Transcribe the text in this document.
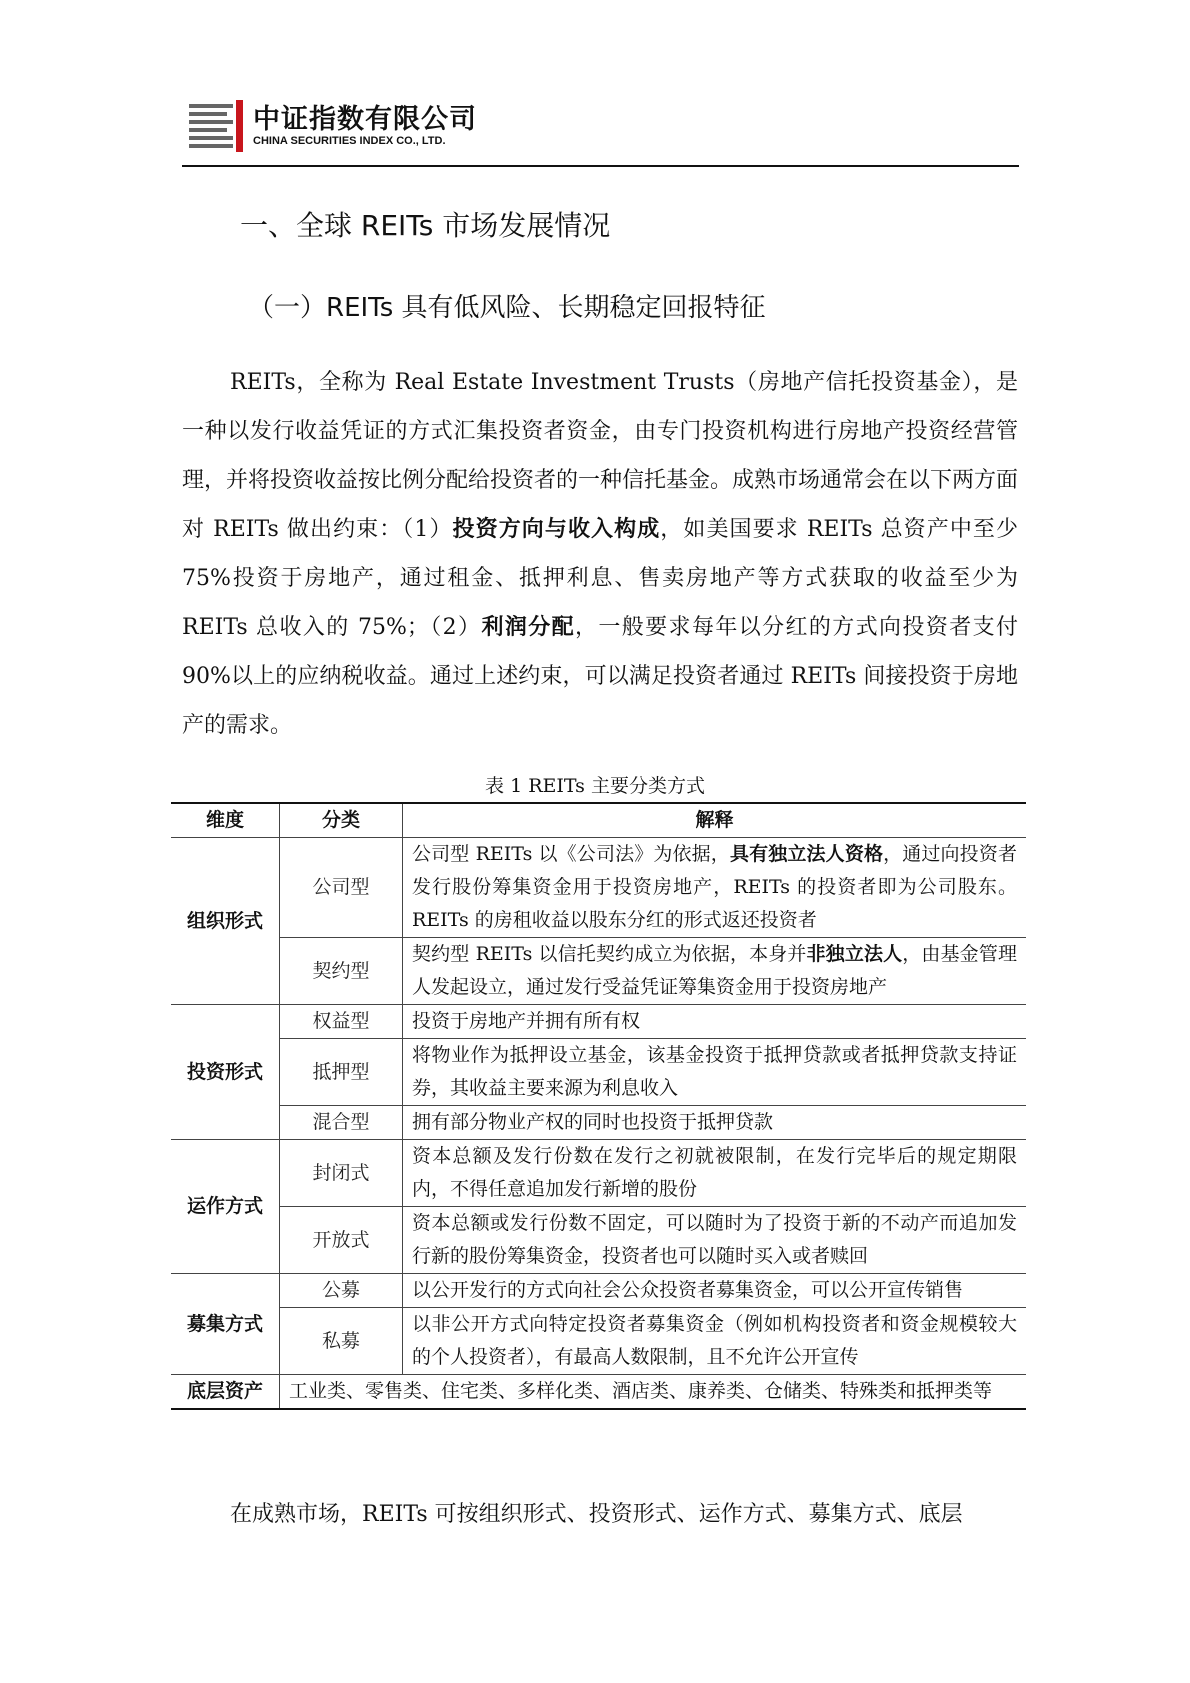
中证指数有限公司
CHINA SECURITIES INDEX CO., LTD.
一、全球 REITs 市场发展情况
（一）REITs 具有低风险、长期稳定回报特征
REITs，全称为 Real Estate Investment Trusts（房地产信托投资基金），是一种以发行收益凭证的方式汇集投资者资金，由专门投资机构进行房地产投资经营管理，并将投资收益按比例分配给投资者的一种信托基金。成熟市场通常会在以下两方面对 REITs 做出约束：（1）投资方向与收入构成，如美国要求 REITs 总资产中至少 75%投资于房地产，通过租金、抵押利息、售卖房地产等方式获取的收益至少为 REITs 总收入的 75%；（2）利润分配，一般要求每年以分红的方式向投资者支付 90%以上的应纳税收益。通过上述约束，可以满足投资者通过 REITs 间接投资于房地产的需求。
表 1 REITs 主要分类方式
维度	分类	解释
组织形式	公司型	公司型 REITs 以《公司法》为依据，具有独立法人资格，通过向投资者发行股份筹集资金用于投资房地产，REITs 的投资者即为公司股东。REITs 的房租收益以股东分红的形式返还投资者
	契约型	契约型 REITs 以信托契约成立为依据，本身并非独立法人，由基金管理人发起设立，通过发行受益凭证筹集资金用于投资房地产
投资形式	权益型	投资于房地产并拥有所有权
	抵押型	将物业作为抵押设立基金，该基金投资于抵押贷款或者抵押贷款支持证券，其收益主要来源为利息收入
	混合型	拥有部分物业产权的同时也投资于抵押贷款
运作方式	封闭式	资本总额及发行份数在发行之初就被限制，在发行完毕后的规定期限内，不得任意追加发行新增的股份
	开放式	资本总额或发行份数不固定，可以随时为了投资于新的不动产而追加发行新的股份筹集资金，投资者也可以随时买入或者赎回
募集方式	公募	以公开发行的方式向社会公众投资者募集资金，可以公开宣传销售
	私募	以非公开方式向特定投资者募集资金（例如机构投资者和资金规模较大的个人投资者），有最高人数限制，且不允许公开宣传
底层资产	工业类、零售类、住宅类、多样化类、酒店类、康养类、仓储类、特殊类和抵押类等	
在成熟市场，REITs 可按组织形式、投资形式、运作方式、募集方式、底层
